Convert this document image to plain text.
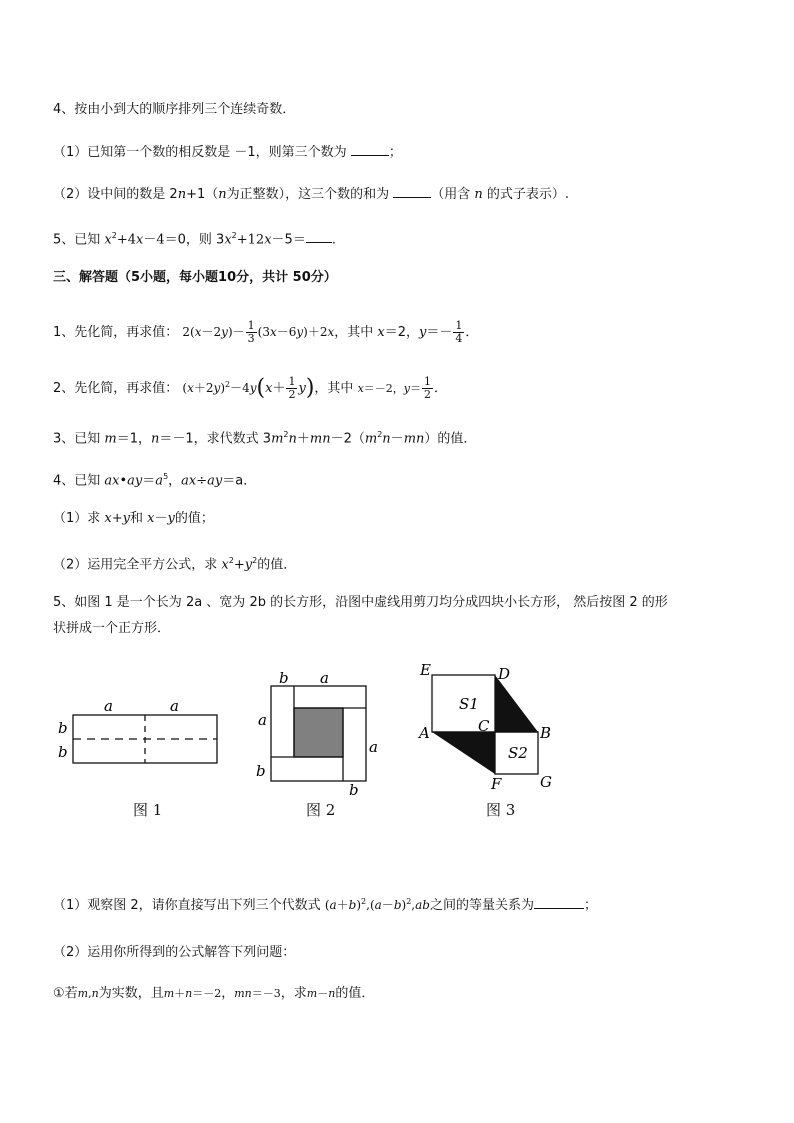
4、按由小到大的顺序排列三个连续奇数．
（1）已知第一个数的相反数是 －1，则第三个数为	；
（2）设中间的数是 2n+1（n为正整数），这三个数的和为	（用含 n 的式子表示）.
5、已知 $x^2+4x-4=0$，则 $3x^2+12x-5=$ .
三、解答题（5小题，每小题10分，共计 50分）
1、先化简，再求值： $2(x-2y)- \frac{1}{3} (3x-6y)+2x$，其中 x＝2，$y=- \frac{1}{4}$ ．
2、先化简，再求值： $(x+2y)^2-4y(x+ \frac{1}{2} y)$，其中 x＝－2，$y= \frac{1}{2}$ ．
3、已知 m＝1，n＝－1，求代数式 $3m^2n+mn-2(m^2n-mn)$的值．
4、已知 $ax•ay=a^5$，ax÷ay＝a．
（1）求 x+y和 x－y的值；
（2）运用完全平方公式，求 $x^2+y^2$的值．
5、如图 1 是一个长为 2a 、宽为 2b 的长方形，沿图中虚线用剪刀均分成四块小长方形， 然后按图 2 的形
状拼成一个正方形．
a	a
b
b
b a
a
a
b
b
E	D
S1
C
A	B
S2
F	G
图 1	图 2	图 3
（1）观察图 2，请你直接写出下列三个代数式 $(a+b)^2,(a-b)^2,ab$之间的等量关系为	；
（2）运用你所得到的公式解答下列问题：
①若m,n为实数，且m＋n＝－2，mn＝－3，求m－n的值．
